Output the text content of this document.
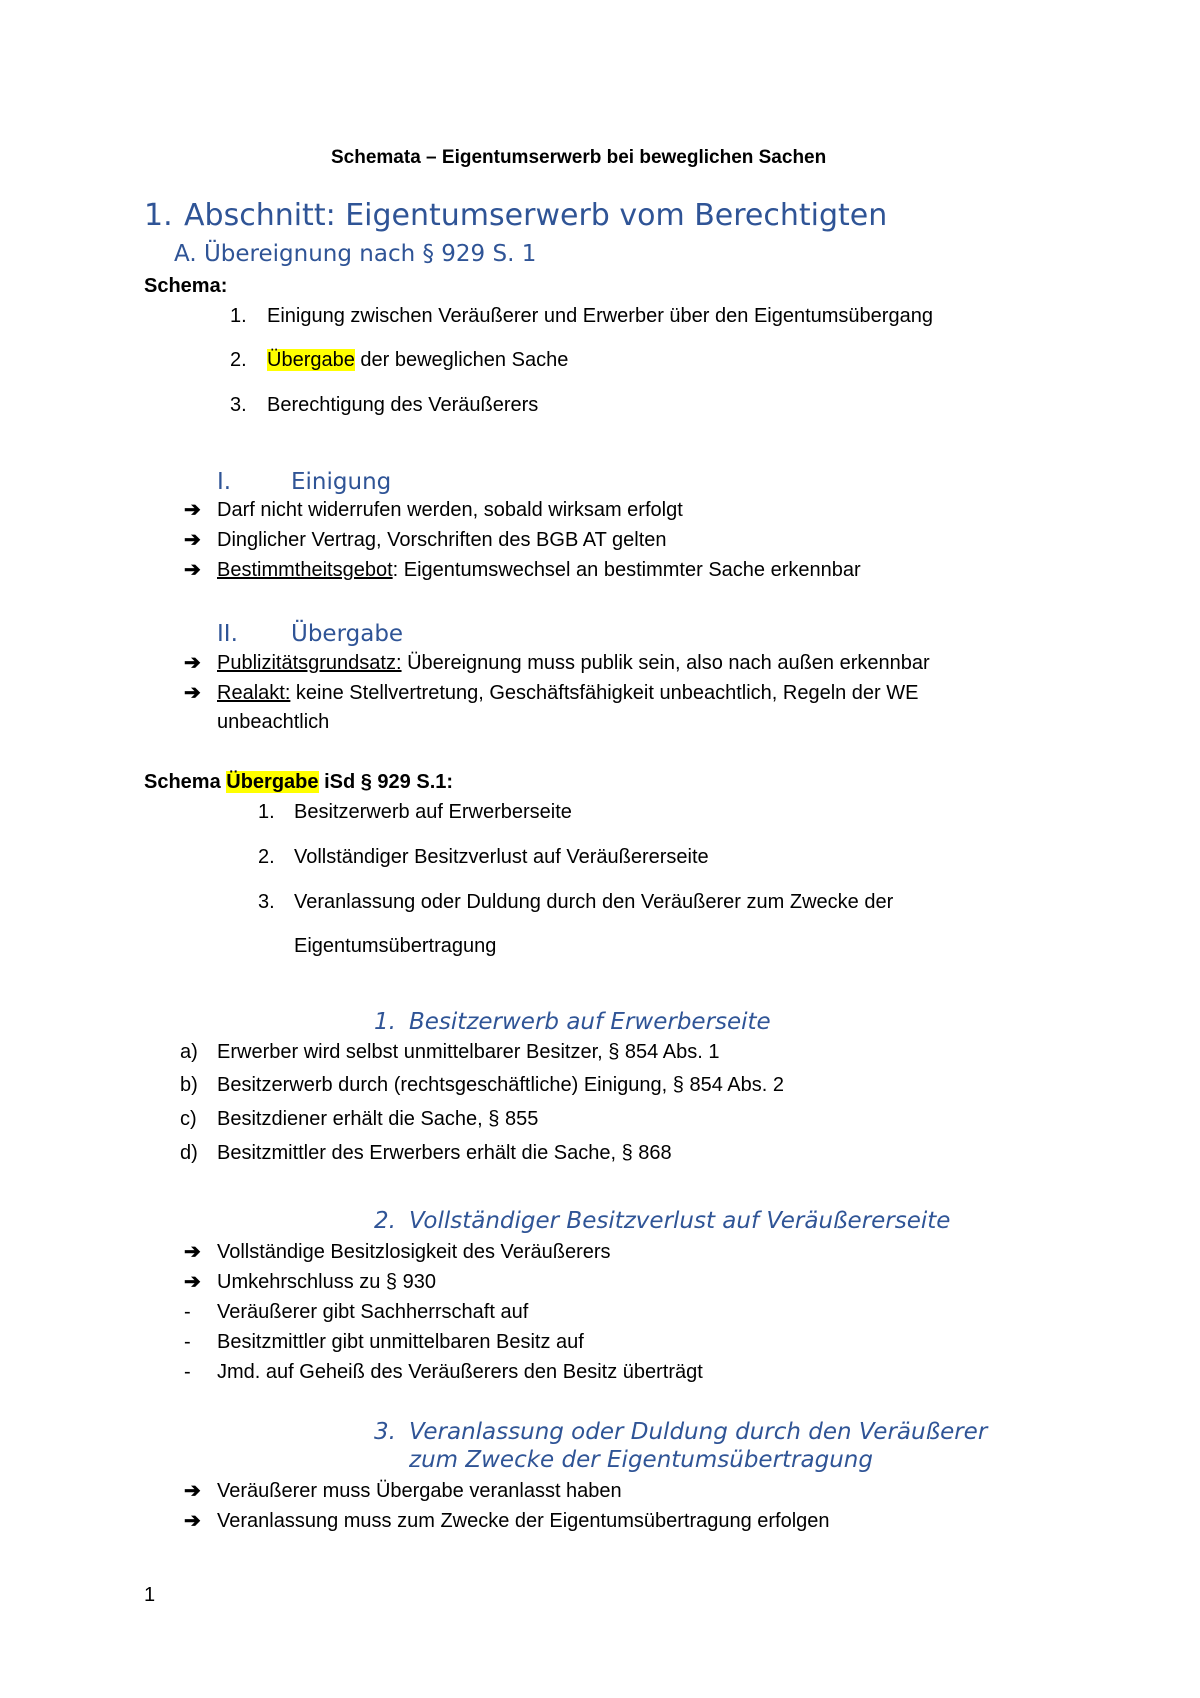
Schemata – Eigentumserwerb bei beweglichen Sachen
1. Abschnitt: Eigentumserwerb vom Berechtigten
A. Übereignung nach § 929 S. 1
Schema:
1. Einigung zwischen Veräußerer und Erwerber über den Eigentumsübergang
2. Übergabe der beweglichen Sache
3. Berechtigung des Veräußerers
I.	Einigung
➔ Darf nicht widerrufen werden, sobald wirksam erfolgt
➔ Dinglicher Vertrag, Vorschriften des BGB AT gelten
➔ Bestimmtheitsgebot: Eigentumswechsel an bestimmter Sache erkennbar
II. Übergabe
➔ Publizitätsgrundsatz: Übereignung muss publik sein, also nach außen erkennbar
➔ Realakt: keine Stellvertretung, Geschäftsfähigkeit unbeachtlich, Regeln der WE
unbeachtlich
Schema Übergabe iSd § 929 S.1:
1. Besitzerwerb auf Erwerberseite
2. Vollständiger Besitzverlust auf Veräußererseite
3. Veranlassung oder Duldung durch den Veräußerer zum Zwecke der
Eigentumsübertragung
1. Besitzerwerb auf Erwerberseite
a) Erwerber wird selbst unmittelbarer Besitzer, § 854 Abs. 1
b) Besitzerwerb durch (rechtsgeschäftliche) Einigung, § 854 Abs. 2
c) Besitzdiener erhält die Sache, § 855
d) Besitzmittler des Erwerbers erhält die Sache, § 868
2. Vollständiger Besitzverlust auf Veräußererseite
➔ Vollständige Besitzlosigkeit des Veräußerers
➔ Umkehrschluss zu § 930
- Veräußerer gibt Sachherrschaft auf
- Besitzmittler gibt unmittelbaren Besitz auf
- Jmd. auf Geheiß des Veräußerers den Besitz überträgt
3. Veranlassung oder Duldung durch den Veräußerer
zum Zwecke der Eigentumsübertragung
➔ Veräußerer muss Übergabe veranlasst haben
➔ Veranlassung muss zum Zwecke der Eigentumsübertragung erfolgen
1
